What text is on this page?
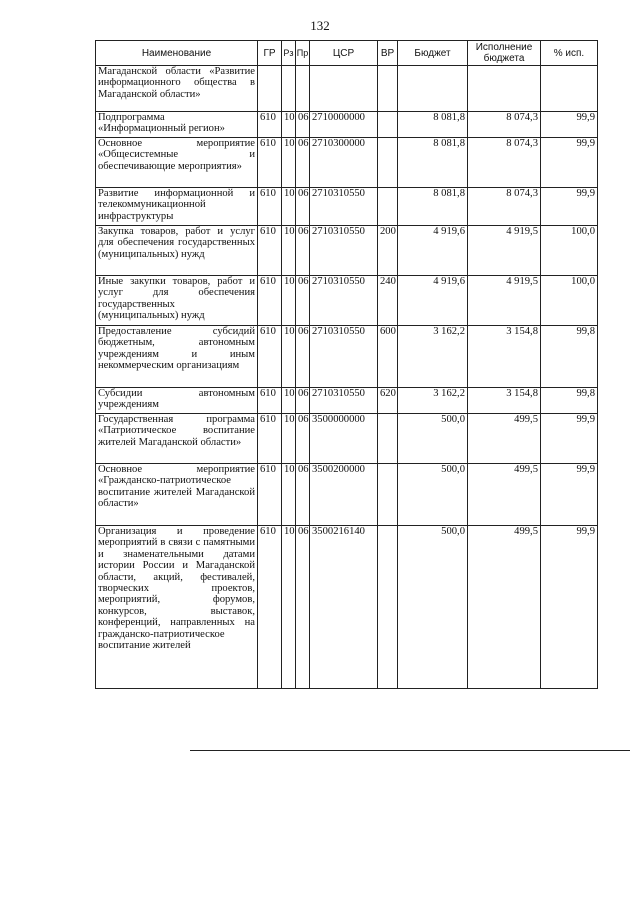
132
Наименование	ГР	Рз	Пр	ЦСР	ВР	Бюджет	Исполнение бюджета	% исп.
Магаданской области «Развитие информационного общества в Магаданской области»								
Подпрограмма «Информационный регион»	610	10	06	2710000000		8 081,8	8 074,3	99,9
Основное мероприятие «Общесистемные и обеспечивающие мероприятия»	610	10	06	2710300000		8 081,8	8 074,3	99,9
Развитие информационной и телекоммуникационной инфраструктуры	610	10	06	2710310550		8 081,8	8 074,3	99,9
Закупка товаров, работ и услуг для обеспечения государственных (муниципальных) нужд	610	10	06	2710310550	200	4 919,6	4 919,5	100,0
Иные закупки товаров, работ и услуг для обеспечения государственных (муниципальных) нужд	610	10	06	2710310550	240	4 919,6	4 919,5	100,0
Предоставление субсидий бюджетным, автономным учреждениям и иным некоммерческим организациям	610	10	06	2710310550	600	3 162,2	3 154,8	99,8
Субсидии автономным учреждениям	610	10	06	2710310550	620	3 162,2	3 154,8	99,8
Государственная программа «Патриотическое воспитание жителей Магаданской области»	610	10	06	3500000000		500,0	499,5	99,9
Основное мероприятие «Гражданско-патриотическое воспитание жителей Магаданской области»	610	10	06	3500200000		500,0	499,5	99,9
Организация и проведение мероприятий в связи с памятными и знаменательными датами истории России и Магаданской области, акций, фестивалей, творческих проектов, мероприятий, форумов, конкурсов, выставок, конференций, направленных на гражданско-патриотическое воспитание жителей	610	10	06	3500216140		500,0	499,5	99,9
